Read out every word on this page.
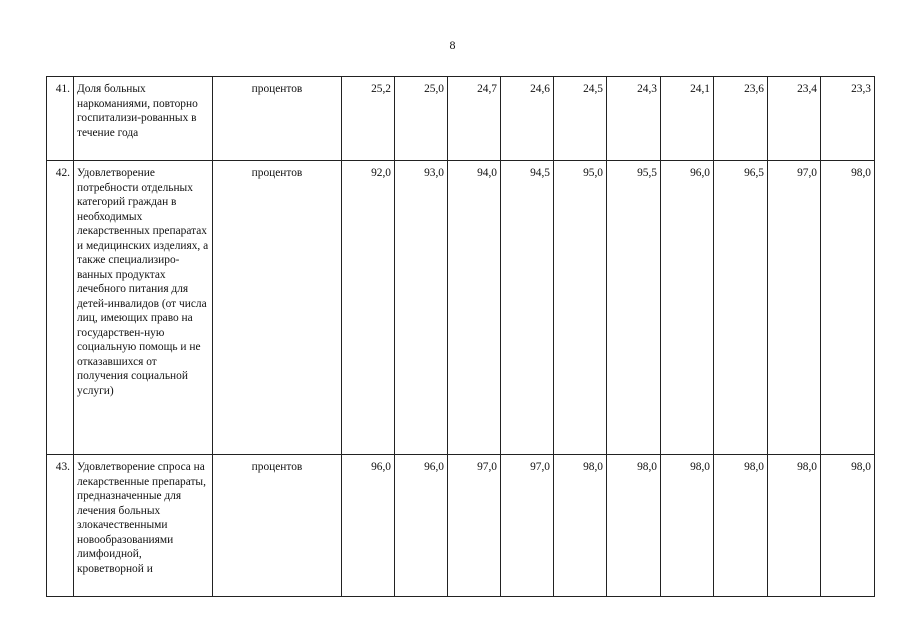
8
41.	Доля больных наркоманиями, повторно госпитализи-рованных в течение года	процентов	25,2	25,0	24,7	24,6	24,5	24,3	24,1	23,6	23,4	23,3
42.	Удовлетворение потребности отдельных категорий граждан в необходимых лекарственных препаратах и медицинских изделиях, а также специализиро-ванных продуктах лечебного питания для детей-инвалидов (от числа лиц, имеющих право на государствен-ную социальную помощь и не отказавшихся от получения социальной услуги)	процентов	92,0	93,0	94,0	94,5	95,0	95,5	96,0	96,5	97,0	98,0
43.	Удовлетворение спроса на лекарственные препараты, предназначенные для лечения больных злокачественными новообразованиями лимфоидной, кроветворной и	процентов	96,0	96,0	97,0	97,0	98,0	98,0	98,0	98,0	98,0	98,0
